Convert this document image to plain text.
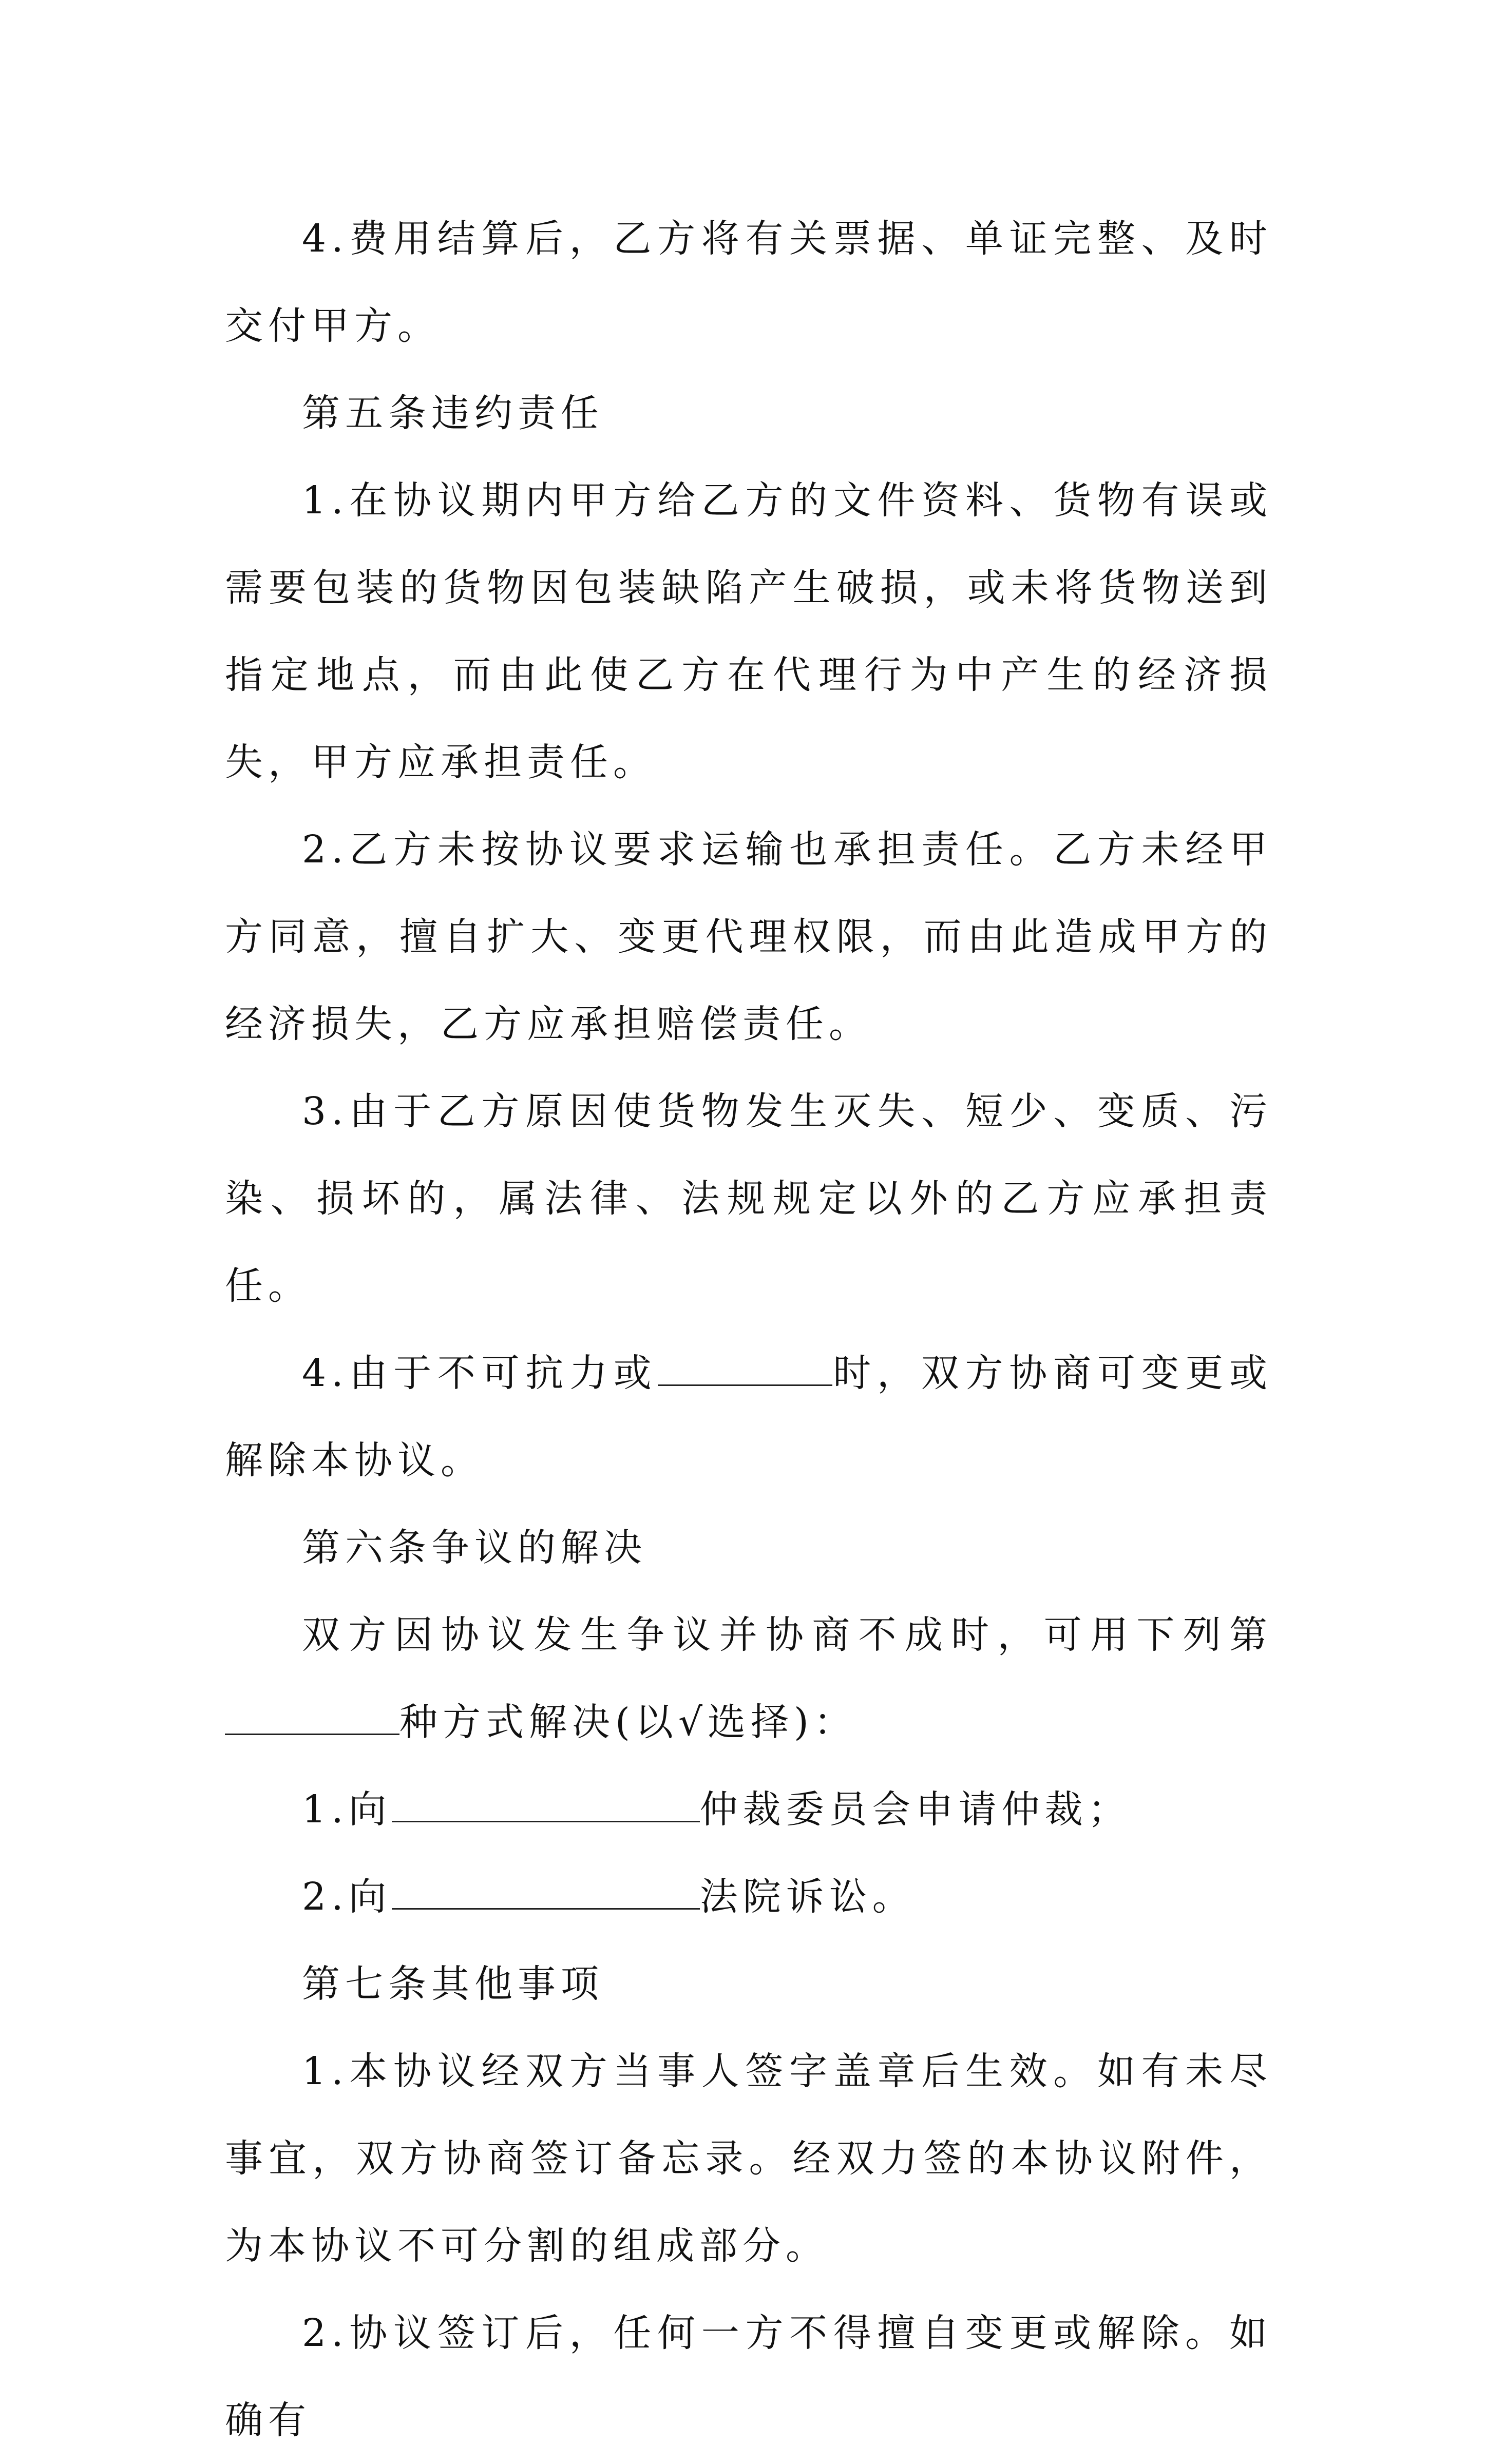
4.费用结算后，乙方将有关票据、单证完整、及时交付甲方。

第五条违约责任

1.在协议期内甲方给乙方的文件资料、货物有误或需要包装的货物因包装缺陷产生破损，或未将货物送到指定地点，而由此使乙方在代理行为中产生的经济损失，甲方应承担责任。

2.乙方未按协议要求运输也承担责任。乙方未经甲方同意，擅自扩大、变更代理权限，而由此造成甲方的经济损失，乙方应承担赔偿责任。

3.由于乙方原因使货物发生灭失、短少、变质、污染、损坏的，属法律、法规规定以外的乙方应承担责任。

4.由于不可抗力或	时，双方协商可变更或解除本协议。

第六条争议的解决

双方因协议发生争议并协商不成时，可用下列第种方式解决(以√选择)：

1.向	仲裁委员会申请仲裁；

2.向	法院诉讼。

第七条其他事项

1.本协议经双方当事人签字盖章后生效。如有未尽事宜，双方协商签订备忘录。经双力签的本协议附件，为本协议不可分割的组成部分。

2.协议签订后，任何一方不得擅自变更或解除。如确有
